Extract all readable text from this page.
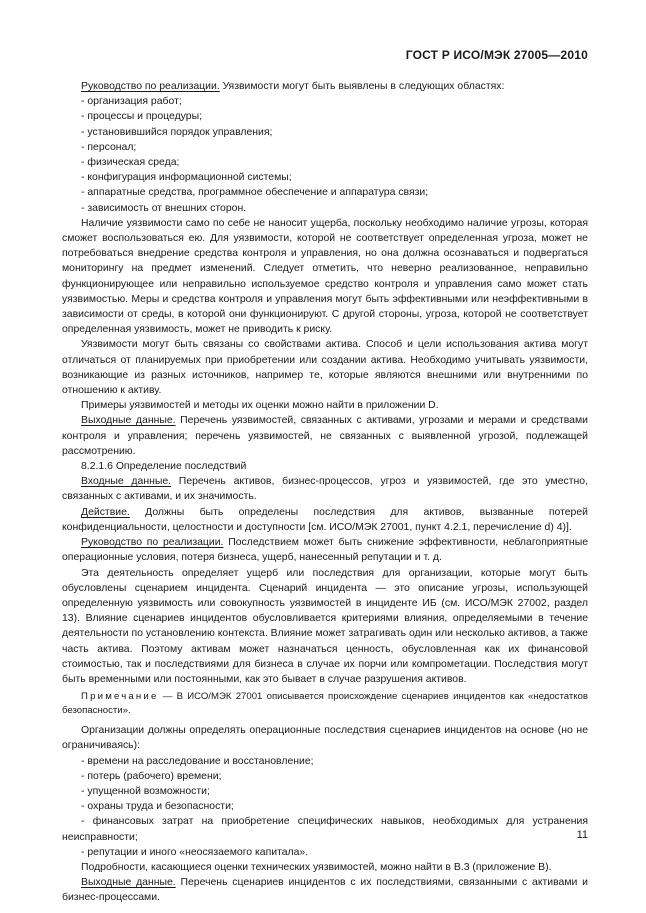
ГОСТ Р ИСО/МЭК 27005—2010

Руководство по реализации. Уязвимости могут быть выявлены в следующих областях:

- организация работ;

- процессы и процедуры;

- установившийся порядок управления;

- персонал;

- физическая среда;

- конфигурация информационной системы;

- аппаратные средства, программное обеспечение и аппаратура связи;

- зависимость от внешних сторон.

Наличие уязвимости само по себе не наносит ущерба, поскольку необходимо наличие угрозы, которая сможет воспользоваться ею. Для уязвимости, которой не соответствует определенная угроза, может не потребоваться внедрение средства контроля и управления, но она должна осознаваться и подвергаться мониторингу на предмет изменений. Следует отметить, что неверно реализованное, неправильно функционирующее или неправильно используемое средство контроля и управления само может стать уязвимостью. Меры и средства контроля и управления могут быть эффективными или неэффективными в зависимости от среды, в которой они функционируют. С другой стороны, угроза, которой не соответствует определенная уязвимость, может не приводить к риску.

Уязвимости могут быть связаны со свойствами актива. Способ и цели использования актива могут отличаться от планируемых при приобретении или создании актива. Необходимо учитывать уязвимости, возникающие из разных источников, например те, которые являются внешними или внутренними по отношению к активу.

Примеры уязвимостей и методы их оценки можно найти в приложении D.

Выходные данные. Перечень уязвимостей, связанных с активами, угрозами и мерами и средствами контроля и управления; перечень уязвимостей, не связанных с выявленной угрозой, подлежащей рассмотрению.

8.2.1.6 Определение последствий

Входные данные. Перечень активов, бизнес-процессов, угроз и уязвимостей, где это уместно, связанных с активами, и их значимость.

Действие. Должны быть определены последствия для активов, вызванные потерей конфиденциальности, целостности и доступности [см. ИСО/МЭК 27001, пункт 4.2.1, перечисление d) 4)].

Руководство по реализации. Последствием может быть снижение эффективности, неблагоприятные операционные условия, потеря бизнеса, ущерб, нанесенный репутации и т. д.

Эта деятельность определяет ущерб или последствия для организации, которые могут быть обусловлены сценарием инцидента. Сценарий инцидента — это описание угрозы, использующей определенную уязвимость или совокупность уязвимостей в инциденте ИБ (см. ИСО/МЭК 27002, раздел 13). Влияние сценариев инцидентов обусловливается критериями влияния, определяемыми в течение деятельности по установлению контекста. Влияние может затрагивать один или несколько активов, а также часть актива. Поэтому активам может назначаться ценность, обусловленная как их финансовой стоимостью, так и последствиями для бизнеса в случае их порчи или компрометации. Последствия могут быть временными или постоянными, как это бывает в случае разрушения активов.

Примечание — В ИСО/МЭК 27001 описывается происхождение сценариев инцидентов как «недостатков безопасности».

Организации должны определять операционные последствия сценариев инцидентов на основе (но не ограничиваясь):

- времени на расследование и восстановление;

- потерь (рабочего) времени;

- упущенной возможности;

- охраны труда и безопасности;

- финансовых затрат на приобретение специфических навыков, необходимых для устранения неисправности;

- репутации и иного «неосязаемого капитала».

Подробности, касающиеся оценки технических уязвимостей, можно найти в В.3 (приложение В).

Выходные данные. Перечень сценариев инцидентов с их последствиями, связанными с активами и бизнес-процессами.

11
